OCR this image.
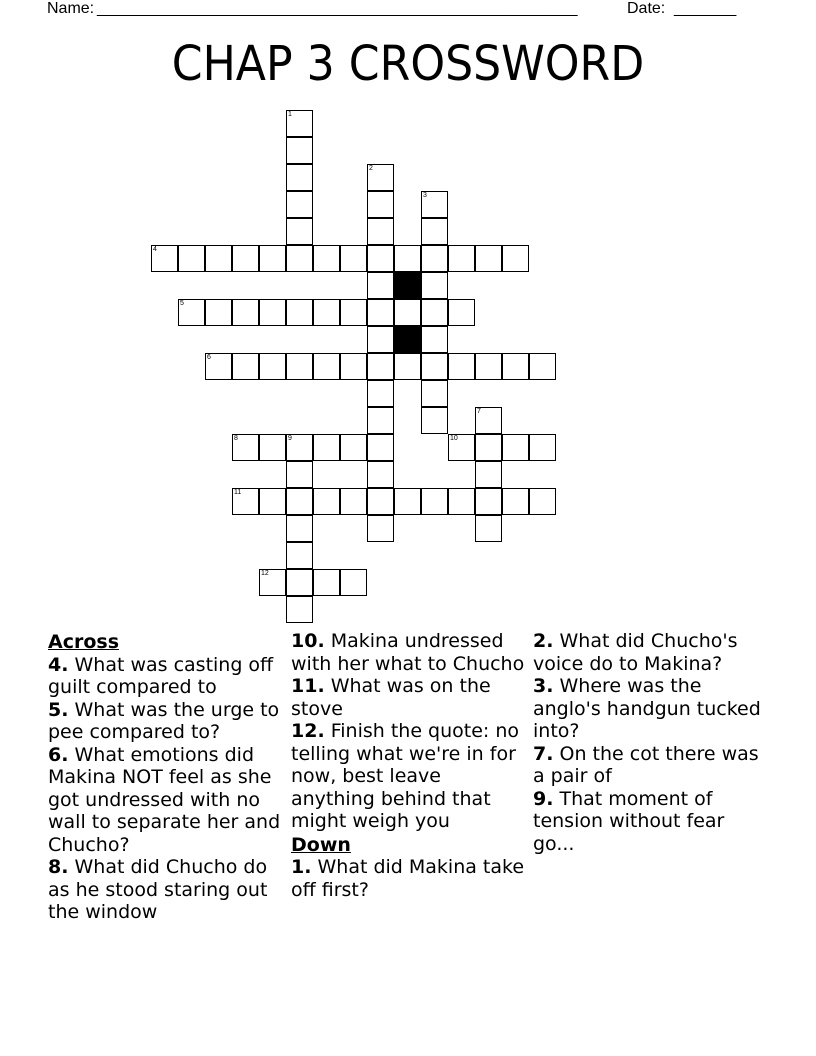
Name: ______________________________________________________	Date: _______
CHAP 3 CROSSWORD
1
2
3
4
5
6
7
8	9	10
11
12
Across
4. What was casting off guilt compared to
5. What was the urge to pee compared to?
6. What emotions did Makina NOT feel as she got undressed with no wall to separate her and Chucho?
8. What did Chucho do as he stood staring out the window
10. Makina undressed with her what to Chucho
11. What was on the stove
12. Finish the quote: no telling what we're in for now, best leave anything behind that might weigh you
Down
1. What did Makina take off first?
2. What did Chucho's voice do to Makina?
3. Where was the anglo's handgun tucked into?
7. On the cot there was a pair of
9. That moment of tension without fear go...
